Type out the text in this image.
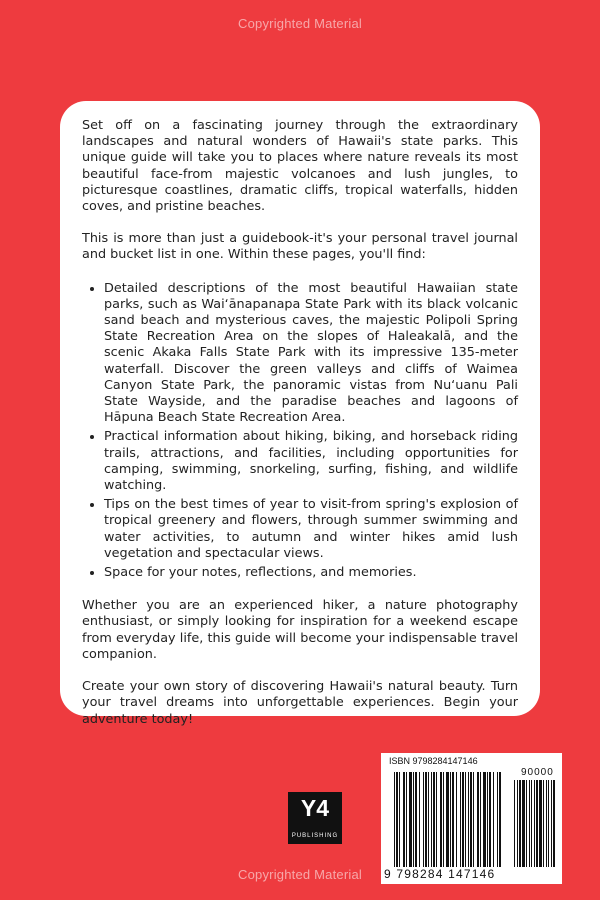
Copyrighted Material

Set off on a fascinating journey through the extraordinary landscapes and natural wonders of Hawaii's state parks. This unique guide will take you to places where nature reveals its most beautiful face-from majestic volcanoes and lush jungles, to picturesque coastlines, dramatic cliffs, tropical waterfalls, hidden coves, and pristine beaches.

This is more than just a guidebook-it's your personal travel journal and bucket list in one. Within these pages, you'll find:

• Detailed descriptions of the most beautiful Hawaiian state parks, such as Wai‘ānapanapa State Park with its black volcanic sand beach and mysterious caves, the majestic Polipoli Spring State Recreation Area on the slopes of Haleakalā, and the scenic Akaka Falls State Park with its impressive 135-meter waterfall. Discover the green valleys and cliffs of Waimea Canyon State Park, the panoramic vistas from Nu‘uanu Pali State Wayside, and the paradise beaches and lagoons of Hāpuna Beach State Recreation Area.
• Practical information about hiking, biking, and horseback riding trails, attractions, and facilities, including opportunities for camping, swimming, snorkeling, surfing, fishing, and wildlife watching.
• Tips on the best times of year to visit-from spring's explosion of tropical greenery and flowers, through summer swimming and water activities, to autumn and winter hikes amid lush vegetation and spectacular views.
• Space for your notes, reflections, and memories.

Whether you are an experienced hiker, a nature photography enthusiast, or simply looking for inspiration for a weekend escape from everyday life, this guide will become your indispensable travel companion.

Create your own story of discovering Hawaii's natural beauty. Turn your travel dreams into unforgettable experiences. Begin your adventure today!

Y4
PUBLISHING
ISBN 9798284147146
90000
9 798284 147146
Copyrighted Material
